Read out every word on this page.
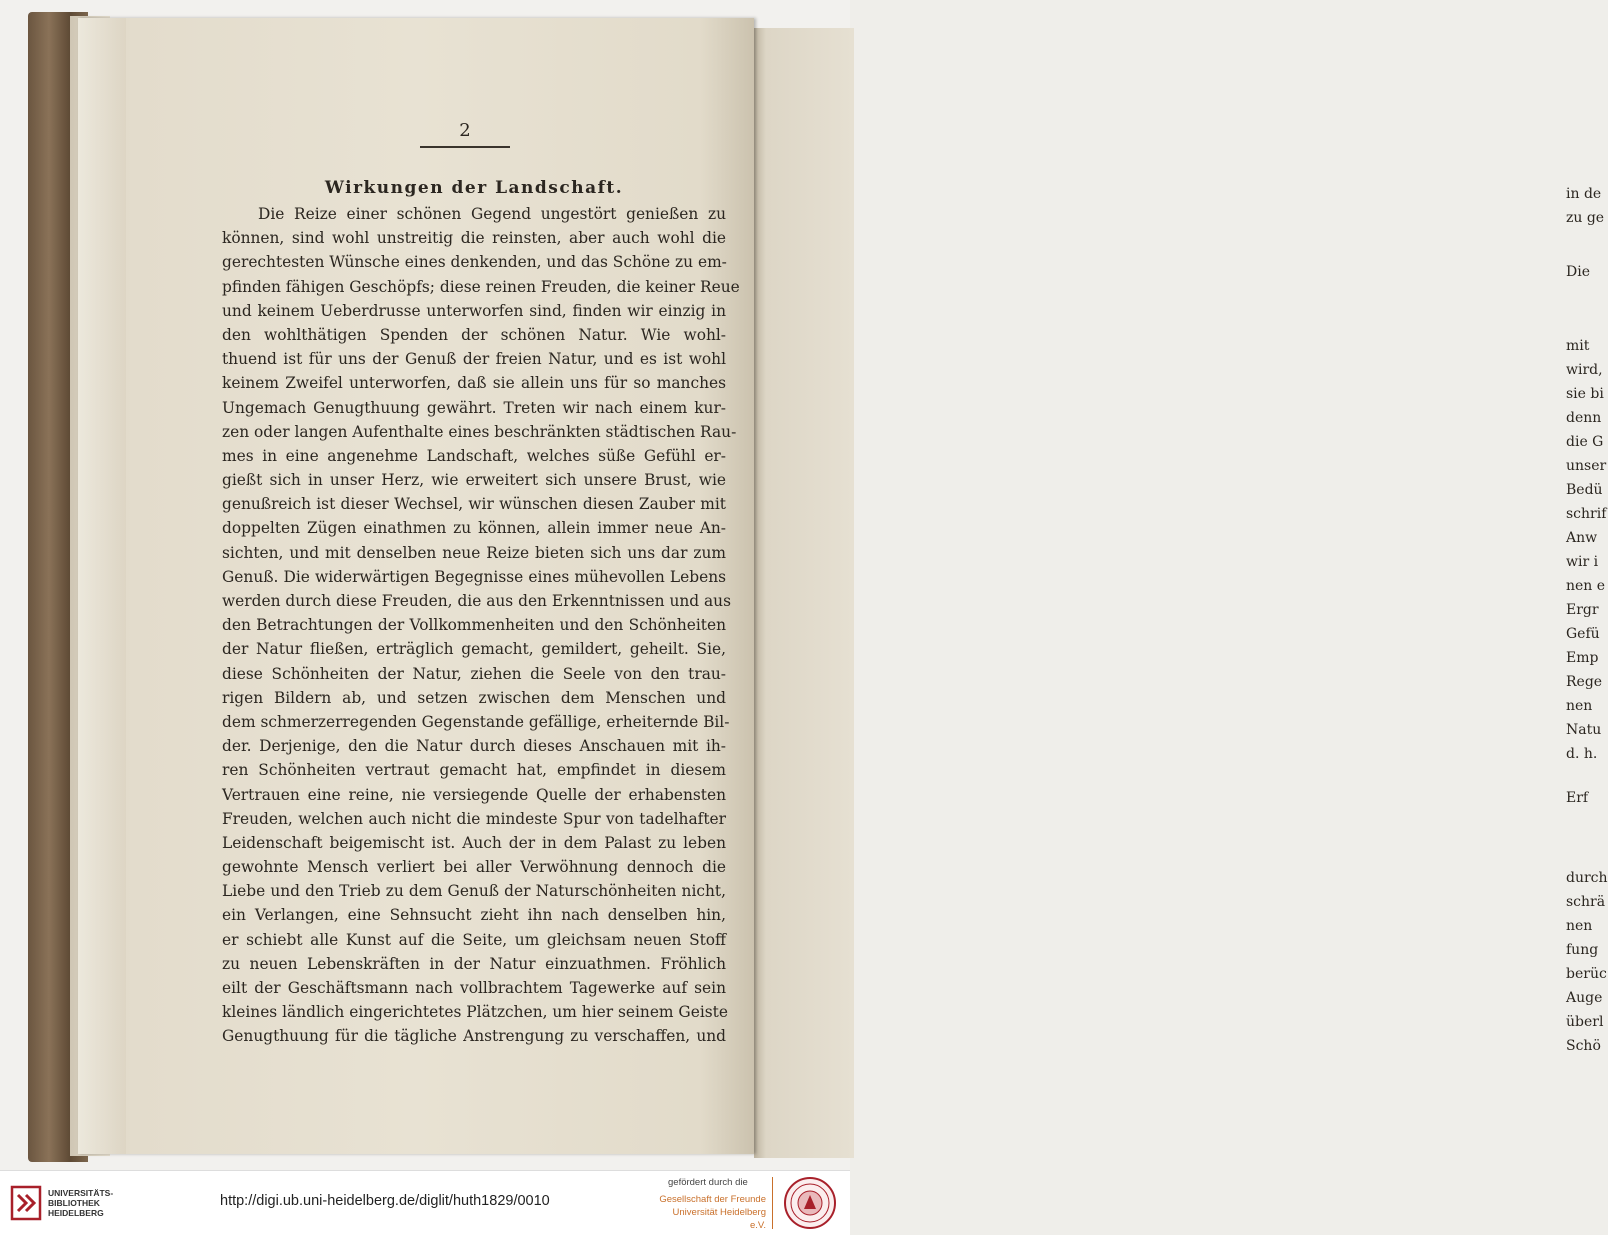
in de
zu ge
Die
mit
wird,
sie bi
denn
die G
unser
Bedü
schrif
Anw
wir i
nen e
Ergr
Gefü
Emp
Rege
nen
Natu
d. h.
Erf
durch
schrä
nen
fung
berüc
Auge
überl
Schö
2
Wirkungen der Landschaft.
Die Reize einer schönen Gegend ungestört genießen zu
können, sind wohl unstreitig die reinsten, aber auch wohl die
gerechtesten Wünsche eines denkenden, und das Schöne zu em-
pfinden fähigen Geschöpfs; diese reinen Freuden, die keiner Reue
und keinem Ueberdrusse unterworfen sind, finden wir einzig in
den wohlthätigen Spenden der schönen Natur. Wie wohl-
thuend ist für uns der Genuß der freien Natur, und es ist wohl
keinem Zweifel unterworfen, daß sie allein uns für so manches
Ungemach Genugthuung gewährt. Treten wir nach einem kur-
zen oder langen Aufenthalte eines beschränkten städtischen Rau-
mes in eine angenehme Landschaft, welches süße Gefühl er-
gießt sich in unser Herz, wie erweitert sich unsere Brust, wie
genußreich ist dieser Wechsel, wir wünschen diesen Zauber mit
doppelten Zügen einathmen zu können, allein immer neue An-
sichten, und mit denselben neue Reize bieten sich uns dar zum
Genuß. Die widerwärtigen Begegnisse eines mühevollen Lebens
werden durch diese Freuden, die aus den Erkenntnissen und aus
den Betrachtungen der Vollkommenheiten und den Schönheiten
der Natur fließen, erträglich gemacht, gemildert, geheilt. Sie,
diese Schönheiten der Natur, ziehen die Seele von den trau-
rigen Bildern ab, und setzen zwischen dem Menschen und
dem schmerzerregenden Gegenstande gefällige, erheiternde Bil-
der. Derjenige, den die Natur durch dieses Anschauen mit ih-
ren Schönheiten vertraut gemacht hat, empfindet in diesem
Vertrauen eine reine, nie versiegende Quelle der erhabensten
Freuden, welchen auch nicht die mindeste Spur von tadelhafter
Leidenschaft beigemischt ist. Auch der in dem Palast zu leben
gewohnte Mensch verliert bei aller Verwöhnung dennoch die
Liebe und den Trieb zu dem Genuß der Naturschönheiten nicht,
ein Verlangen, eine Sehnsucht zieht ihn nach denselben hin,
er schiebt alle Kunst auf die Seite, um gleichsam neuen Stoff
zu neuen Lebenskräften in der Natur einzuathmen. Fröhlich
eilt der Geschäftsmann nach vollbrachtem Tagewerke auf sein
kleines ländlich eingerichtetes Plätzchen, um hier seinem Geiste
Genugthuung für die tägliche Anstrengung zu verschaffen, und
UNIVERSITÄTS-
BIBLIOTHEK
HEIDELBERG
http://digi.ub.uni-heidelberg.de/diglit/huth1829/0010
gefördert durch die
Gesellschaft der Freunde
Universität Heidelberg e.V.
